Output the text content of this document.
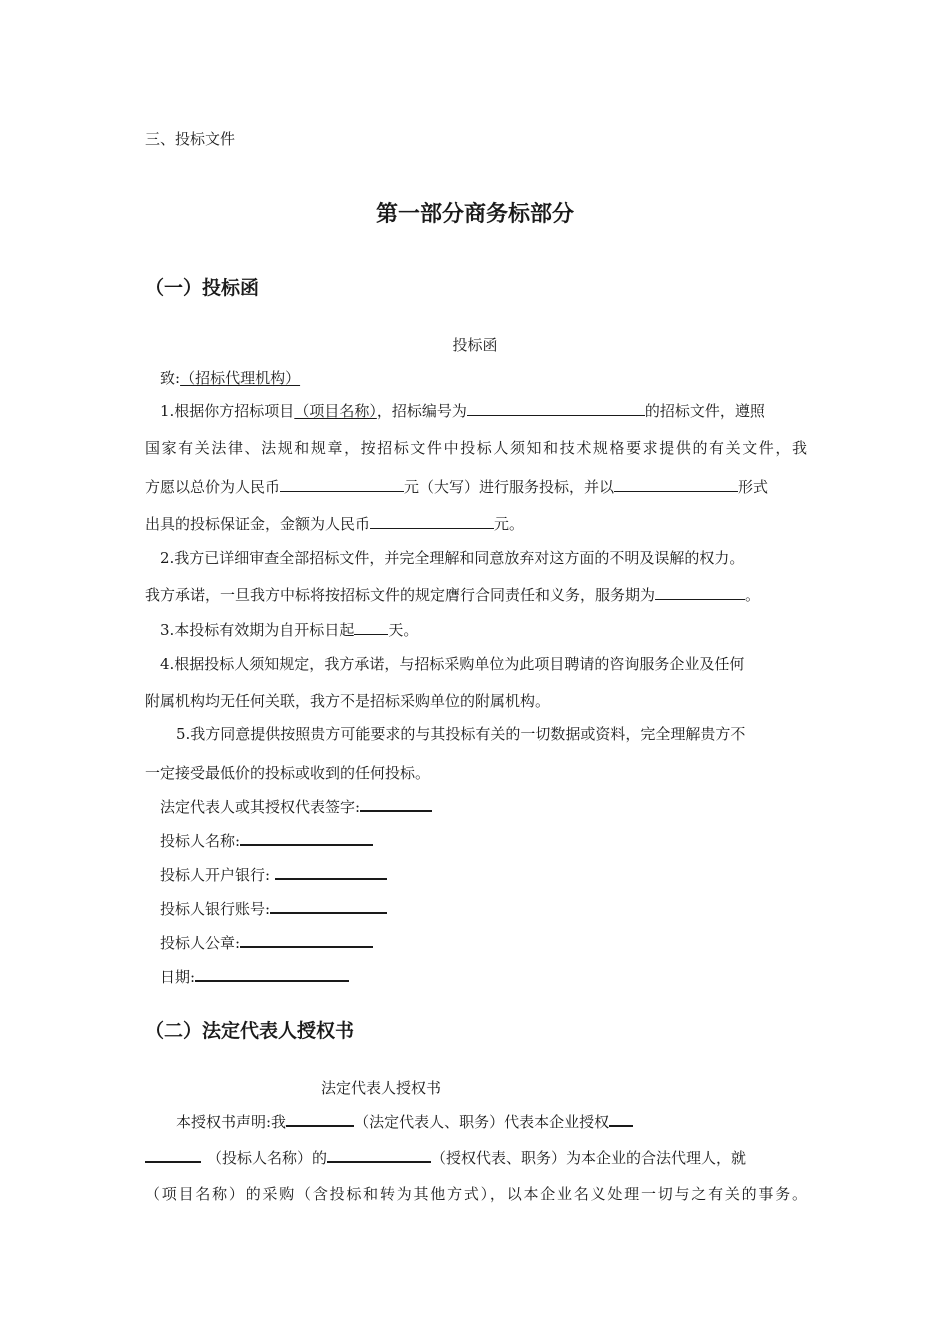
三、投标文件
第一部分商务标部分
（一）投标函
投标函
致:（招标代理机构）
1.根据你方招标项目（项目名称），招标编号为	的招标文件，遵照
国家有关法律、法规和规章，按招标文件中投标人须知和技术规格要求提供的有关文件，我
方愿以总价为人民币	元（大写）进行服务投标，并以	形式
出具的投标保证金，金额为人民币	元。
2.我方已详细审查全部招标文件，并完全理解和同意放弃对这方面的不明及误解的权力。
我方承诺，一旦我方中标将按招标文件的规定膺行合同责任和义务，服务期为	。
3.本投标有效期为自开标日起 天。
4.根据投标人须知规定，我方承诺，与招标采购单位为此项目聘请的咨询服务企业及任何
附属机构均无任何关联，我方不是招标采购单位的附属机构。
5.我方同意提供按照贵方可能要求的与其投标有关的一切数据或资料，完全理解贵方不
一定接受最低价的投标或收到的任何投标。
法定代表人或其授权代表签字:
投标人名称:
投标人开户银行:
投标人银行账号:
投标人公章:
日期:
（二）法定代表人授权书
法定代表人授权书
本授权书声明:我	（法定代表人、职务）代表本企业授权
（投标人名称）的	（授权代表、职务）为本企业的合法代理人，就
（项目名称）的采购（含投标和转为其他方式），以本企业名义处理一切与之有关的事务。
